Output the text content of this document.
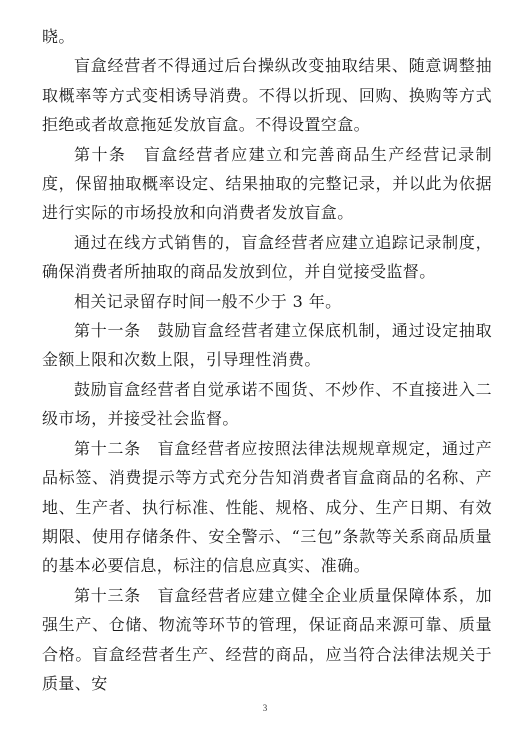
晓。

盲盒经营者不得通过后台操纵改变抽取结果、随意调整抽取概率等方式变相诱导消费。不得以折现、回购、换购等方式拒绝或者故意拖延发放盲盒。不得设置空盒。

第十条　盲盒经营者应建立和完善商品生产经营记录制度，保留抽取概率设定、结果抽取的完整记录，并以此为依据进行实际的市场投放和向消费者发放盲盒。

通过在线方式销售的，盲盒经营者应建立追踪记录制度，确保消费者所抽取的商品发放到位，并自觉接受监督。

相关记录留存时间一般不少于 3 年。

第十一条　鼓励盲盒经营者建立保底机制，通过设定抽取金额上限和次数上限，引导理性消费。

鼓励盲盒经营者自觉承诺不囤货、不炒作、不直接进入二级市场，并接受社会监督。

第十二条　盲盒经营者应按照法律法规规章规定，通过产品标签、消费提示等方式充分告知消费者盲盒商品的名称、产地、生产者、执行标准、性能、规格、成分、生产日期、有效期限、使用存储条件、安全警示、“三包”条款等关系商品质量的基本必要信息，标注的信息应真实、准确。

第十三条　盲盒经营者应建立健全企业质量保障体系，加强生产、仓储、物流等环节的管理，保证商品来源可靠、质量合格。盲盒经营者生产、经营的商品，应当符合法律法规关于质量、安

3
